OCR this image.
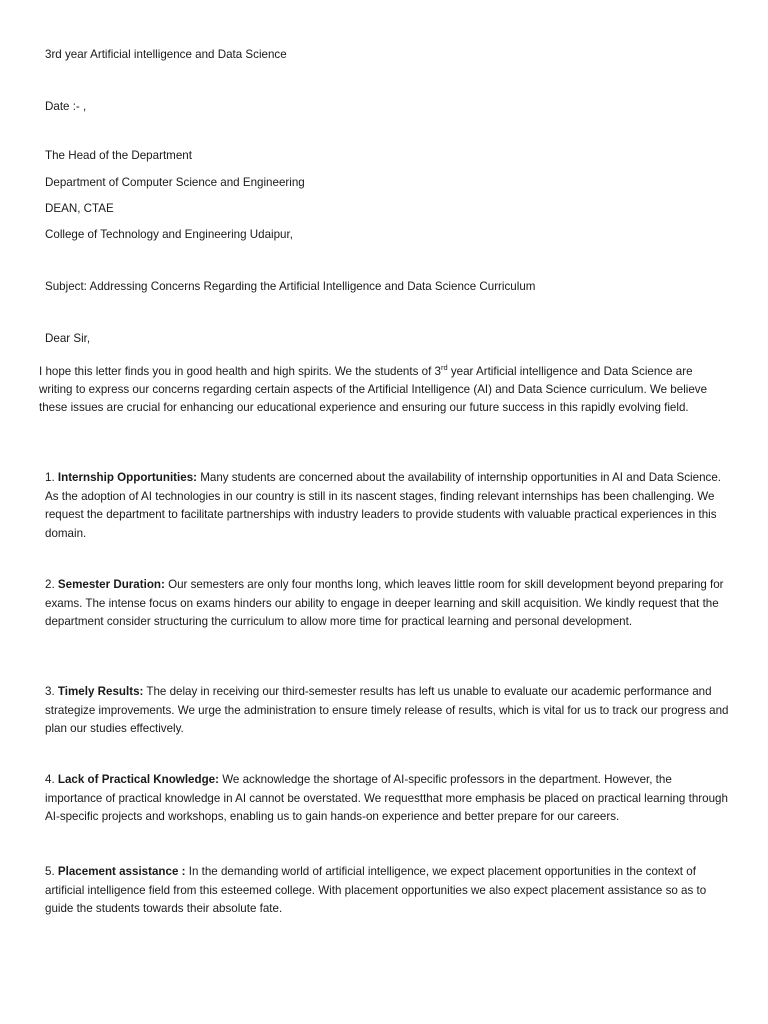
3rd year Artificial intelligence and Data Science
Date :- ,
The Head of the Department
Department of Computer Science and Engineering
DEAN, CTAE
College of Technology and Engineering Udaipur,
Subject: Addressing Concerns Regarding the Artificial Intelligence and Data Science Curriculum
Dear Sir,
I hope this letter finds you in good health and high spirits. We the students of 3rd year Artificial intelligence and Data Science are writing to express our concerns regarding certain aspects of the Artificial Intelligence (AI) and Data Science curriculum. We believe these issues are crucial for enhancing our educational experience and ensuring our future success in this rapidly evolving field.
1. Internship Opportunities: Many students are concerned about the availability of internship opportunities in AI and Data Science. As the adoption of AI technologies in our country is still in its nascent stages, finding relevant internships has been challenging. We request the department to facilitate partnerships with industry leaders to provide students with valuable practical experiences in this domain.
2. Semester Duration: Our semesters are only four months long, which leaves little room for skill development beyond preparing for exams. The intense focus on exams hinders our ability to engage in deeper learning and skill acquisition. We kindly request that the department consider structuring the curriculum to allow more time for practical learning and personal development.
3. Timely Results: The delay in receiving our third-semester results has left us unable to evaluate our academic performance and strategize improvements. We urge the administration to ensure timely release of results, which is vital for us to track our progress and plan our studies effectively.
4. Lack of Practical Knowledge: We acknowledge the shortage of AI-specific professors in the department. However, the importance of practical knowledge in AI cannot be overstated. We requestthat more emphasis be placed on practical learning through AI-specific projects and workshops, enabling us to gain hands-on experience and better prepare for our careers.
5. Placement assistance : In the demanding world of artificial intelligence, we expect placement opportunities in the context of artificial intelligence field from this esteemed college. With placement opportunities we also expect placement assistance so as to guide the students towards their absolute fate.
